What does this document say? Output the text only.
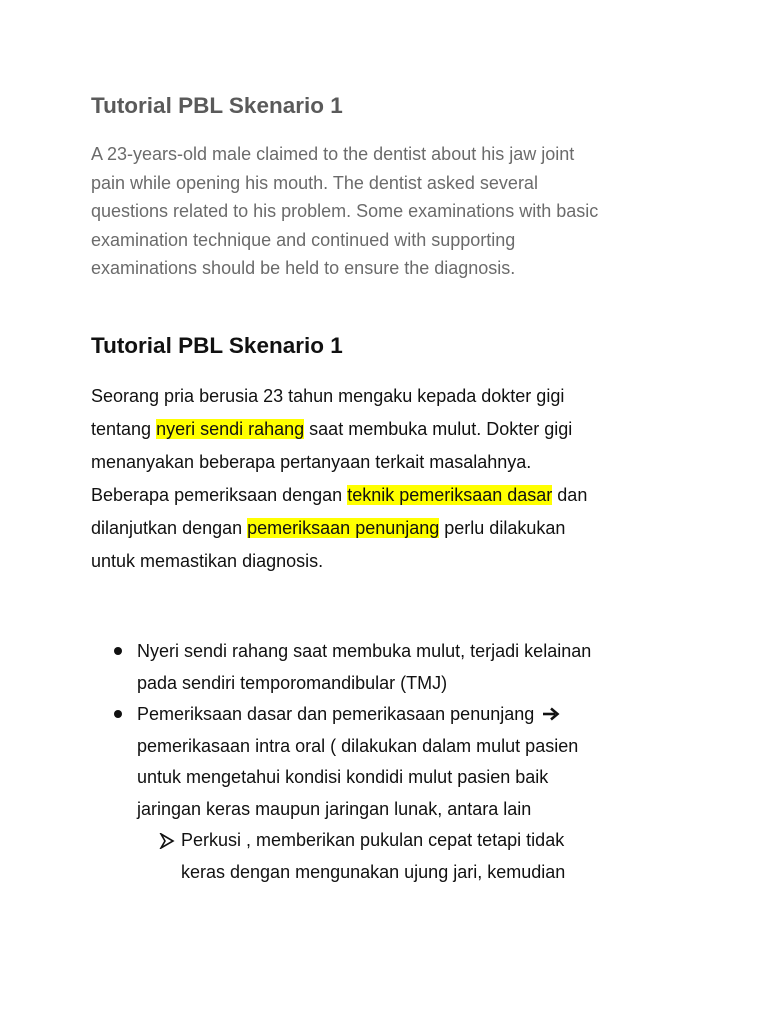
Tutorial PBL Skenario 1

A 23-years-old male claimed to the dentist about his jaw joint
pain while opening his mouth. The dentist asked several
questions related to his problem. Some examinations with basic
examination technique and continued with supporting
examinations should be held to ensure the diagnosis.

Tutorial PBL Skenario 1

Seorang pria berusia 23 tahun mengaku kepada dokter gigi
tentang nyeri sendi rahang saat membuka mulut. Dokter gigi
menanyakan beberapa pertanyaan terkait masalahnya.
Beberapa pemeriksaan dengan teknik pemeriksaan dasar dan
dilanjutkan dengan pemeriksaan penunjang perlu dilakukan
untuk memastikan diagnosis.

Nyeri sendi rahang saat membuka mulut, terjadi kelainan
pada sendiri temporomandibular (TMJ)
Pemeriksaan dasar dan pemerikasaan penunjang
pemerikasaan intra oral ( dilakukan dalam mulut pasien
untuk mengetahui kondisi kondidi mulut pasien baik
jaringan keras maupun jaringan lunak, antara lain
Perkusi , memberikan pukulan cepat tetapi tidak
keras dengan mengunakan ujung jari, kemudian
